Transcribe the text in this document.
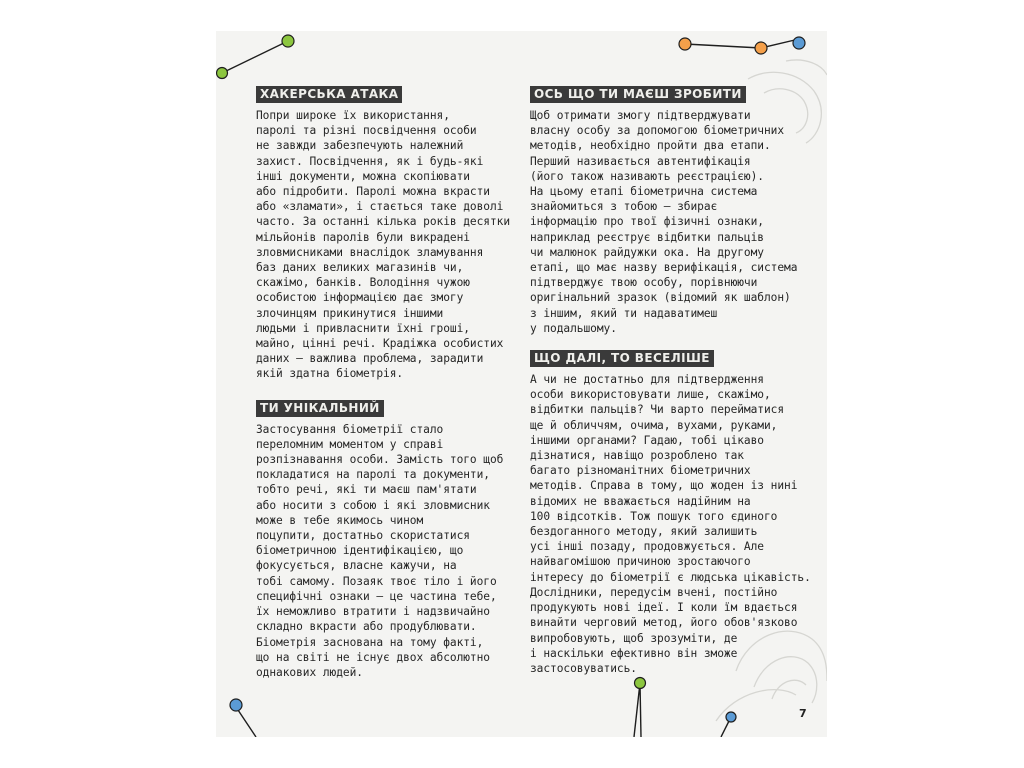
ХАКЕРСЬКА АТАКА
Попри широке їх використання,
паролі та різні посвідчення особи
не завжди забезпечують належний
захист. Посвідчення, як і будь-які
інші документи, можна скопіювати
або підробити. Паролі можна вкрасти
або «зламати», і стається таке доволі
часто. За останні кілька років десятки
мільйонів паролів були викрадені
зловмисниками внаслідок зламування
баз даних великих магазинів чи,
скажімо, банків. Володіння чужою
особистою інформацією дає змогу
злочинцям прикинутися іншими
людьми і привласнити їхні гроші,
майно, цінні речі. Крадіжка особистих
даних — важлива проблема, зарадити
якій здатна біометрія.
ТИ УНІКАЛЬНИЙ
Застосування біометрії стало
переломним моментом у справі
розпізнавання особи. Замість того щоб
покладатися на паролі та документи,
тобто речі, які ти маєш пам'ятати
або носити з собою і які зловмисник
може в тебе якимось чином
поцупити, достатньо скористатися
біометричною ідентифікацією, що
фокусується, власне кажучи, на
тобі самому. Позаяк твоє тіло і його
специфічні ознаки — це частина тебе,
їх неможливо втратити і надзвичайно
складно вкрасти або продублювати.
Біометрія заснована на тому факті,
що на світі не існує двох абсолютно
однакових людей.
ОСЬ ЩО ТИ МАЄШ ЗРОБИТИ
Щоб отримати змогу підтверджувати
власну особу за допомогою біометричних
методів, необхідно пройти два етапи.
Перший називається автентифікація
(його також називають реєстрацією).
На цьому етапі біометрична система
знайомиться з тобою — збирає
інформацію про твої фізичні ознаки,
наприклад реєструє відбитки пальців
чи малюнок райдужки ока. На другому
етапі, що має назву верифікація, система
підтверджує твою особу, порівнюючи
оригінальний зразок (відомий як шаблон)
з іншим, який ти надаватимеш
у подальшому.
ЩО ДАЛІ, ТО ВЕСЕЛІШЕ
А чи не достатньо для підтвердження
особи використовувати лише, скажімо,
відбитки пальців? Чи варто перейматися
ще й обличчям, очима, вухами, руками,
іншими органами? Гадаю, тобі цікаво
дізнатися, навіщо розроблено так
багато різноманітних біометричних
методів. Справа в тому, що жоден із нині
відомих не вважається надійним на
100 відсотків. Тож пошук того єдиного
бездоганного методу, який залишить
усі інші позаду, продовжується. Але
найвагомішою причиною зростаючого
інтересу до біометрії є людська цікавість.
Дослідники, передусім вчені, постійно
продукують нові ідеї. І коли їм вдається
винайти черговий метод, його обов'язково
випробовують, щоб зрозуміти, де
і наскільки ефективно він зможе
застосовуватись.
7
